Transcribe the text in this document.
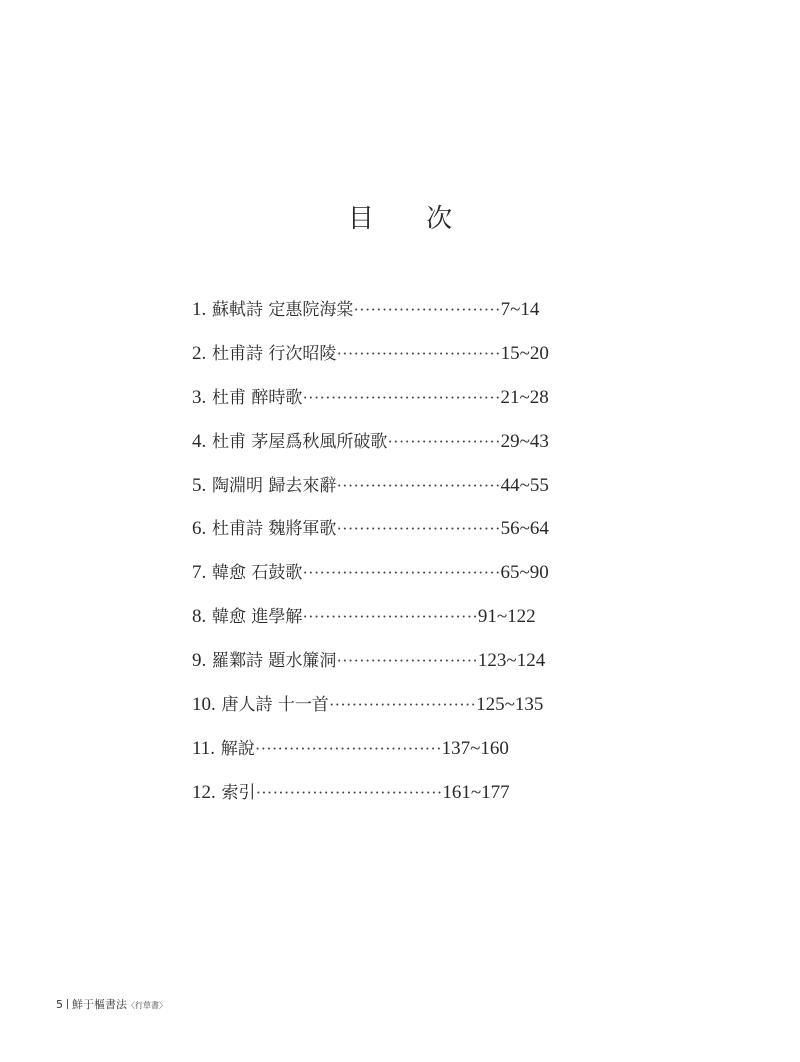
目 次
1.
蘇軾詩 定惠院海棠 ·························· 7~14
2.
杜甫詩 行次昭陵 ····························· 15~20
3.
杜甫 醉時歌 ··································· 21~28
4.
杜甫 茅屋爲秋風所破歌 ···················· 29~43
5.
陶淵明 歸去來辭 ····························· 44~55
6.
杜甫詩 魏將軍歌 ····························· 56~64
7.
韓愈 石鼓歌 ··································· 65~90
8.
韓愈 進學解 ······························· 91~122
9.
羅鄴詩 題水簾洞 ························· 123~124
10.
唐人詩 十一首 ·························· 125~135
11.
解說 ································· 137~160
12.
索引 ································· 161~177
5 鮮于樞書法〈行草書〉
